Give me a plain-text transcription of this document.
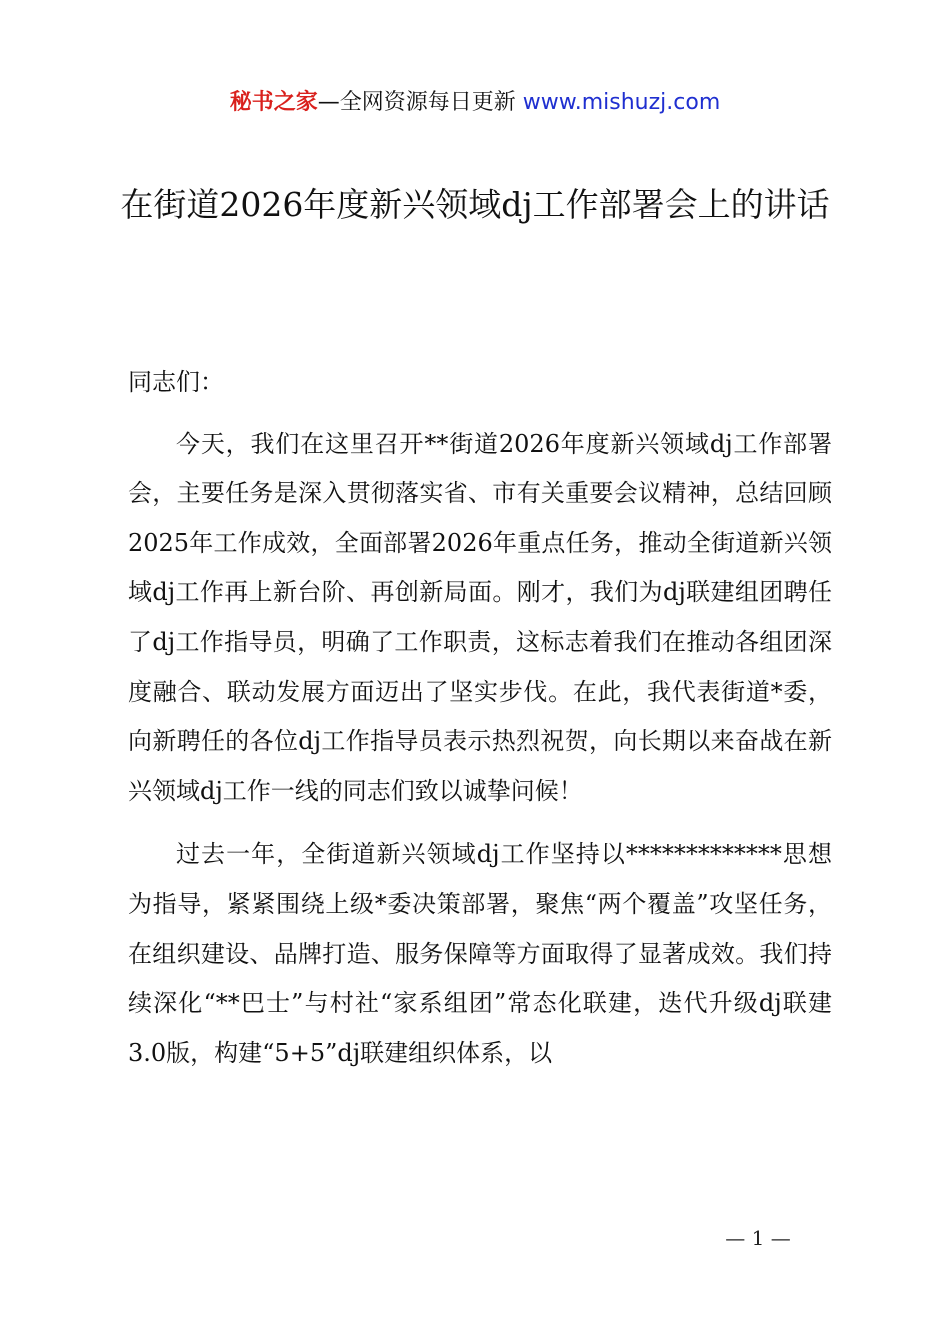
秘书之家—全网资源每日更新 www.mishuzj.com
在街道2026年度新兴领域dj工作部署会上的讲话

同志们：

今天，我们在这里召开**街道2026年度新兴领域dj工作部署会，主要任务是深入贯彻落实省、市有关重要会议精神，总结回顾2025年工作成效，全面部署2026年重点任务，推动全街道新兴领域dj工作再上新台阶、再创新局面。刚才，我们为dj联建组团聘任了dj工作指导员，明确了工作职责，这标志着我们在推动各组团深度融合、联动发展方面迈出了坚实步伐。在此，我代表街道*委，向新聘任的各位dj工作指导员表示热烈祝贺，向长期以来奋战在新兴领域dj工作一线的同志们致以诚挚问候！

过去一年，全街道新兴领域dj工作坚持以*************思想为指导，紧紧围绕上级*委决策部署，聚焦“两个覆盖”攻坚任务，在组织建设、品牌打造、服务保障等方面取得了显著成效。我们持续深化“**巴士”与村社“家系组团”常态化联建，迭代升级dj联建3.0版，构建“5+5”dj联建组织体系，以

— 1 —
